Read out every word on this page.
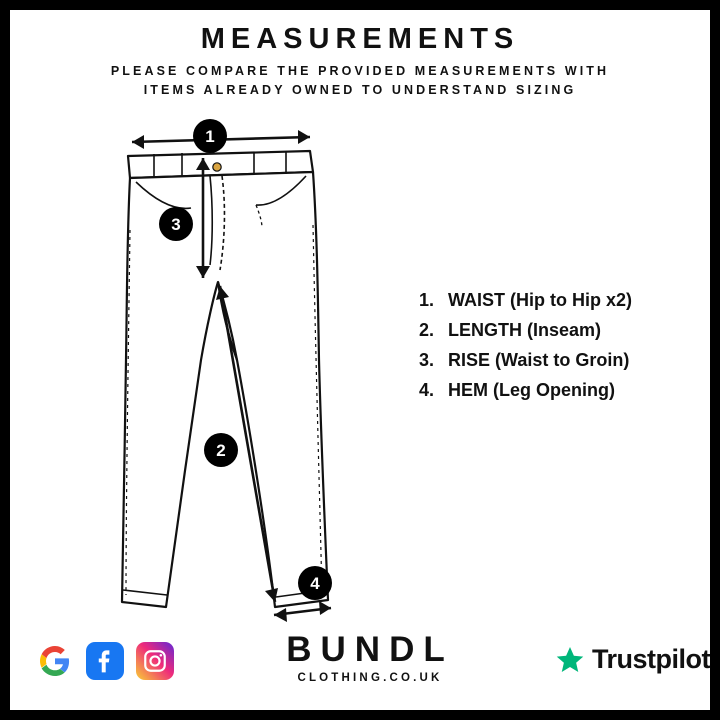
MEASUREMENTS
PLEASE COMPARE THE PROVIDED MEASUREMENTS WITH
ITEMS ALREADY OWNED TO UNDERSTAND SIZING
1
2
3
4
1. WAIST (Hip to Hip x2)
2. LENGTH (Inseam)
3. RISE (Waist to Groin)
4. HEM (Leg Opening)
BUNDL
CLOTHING.CO.UK
Trustpilot
